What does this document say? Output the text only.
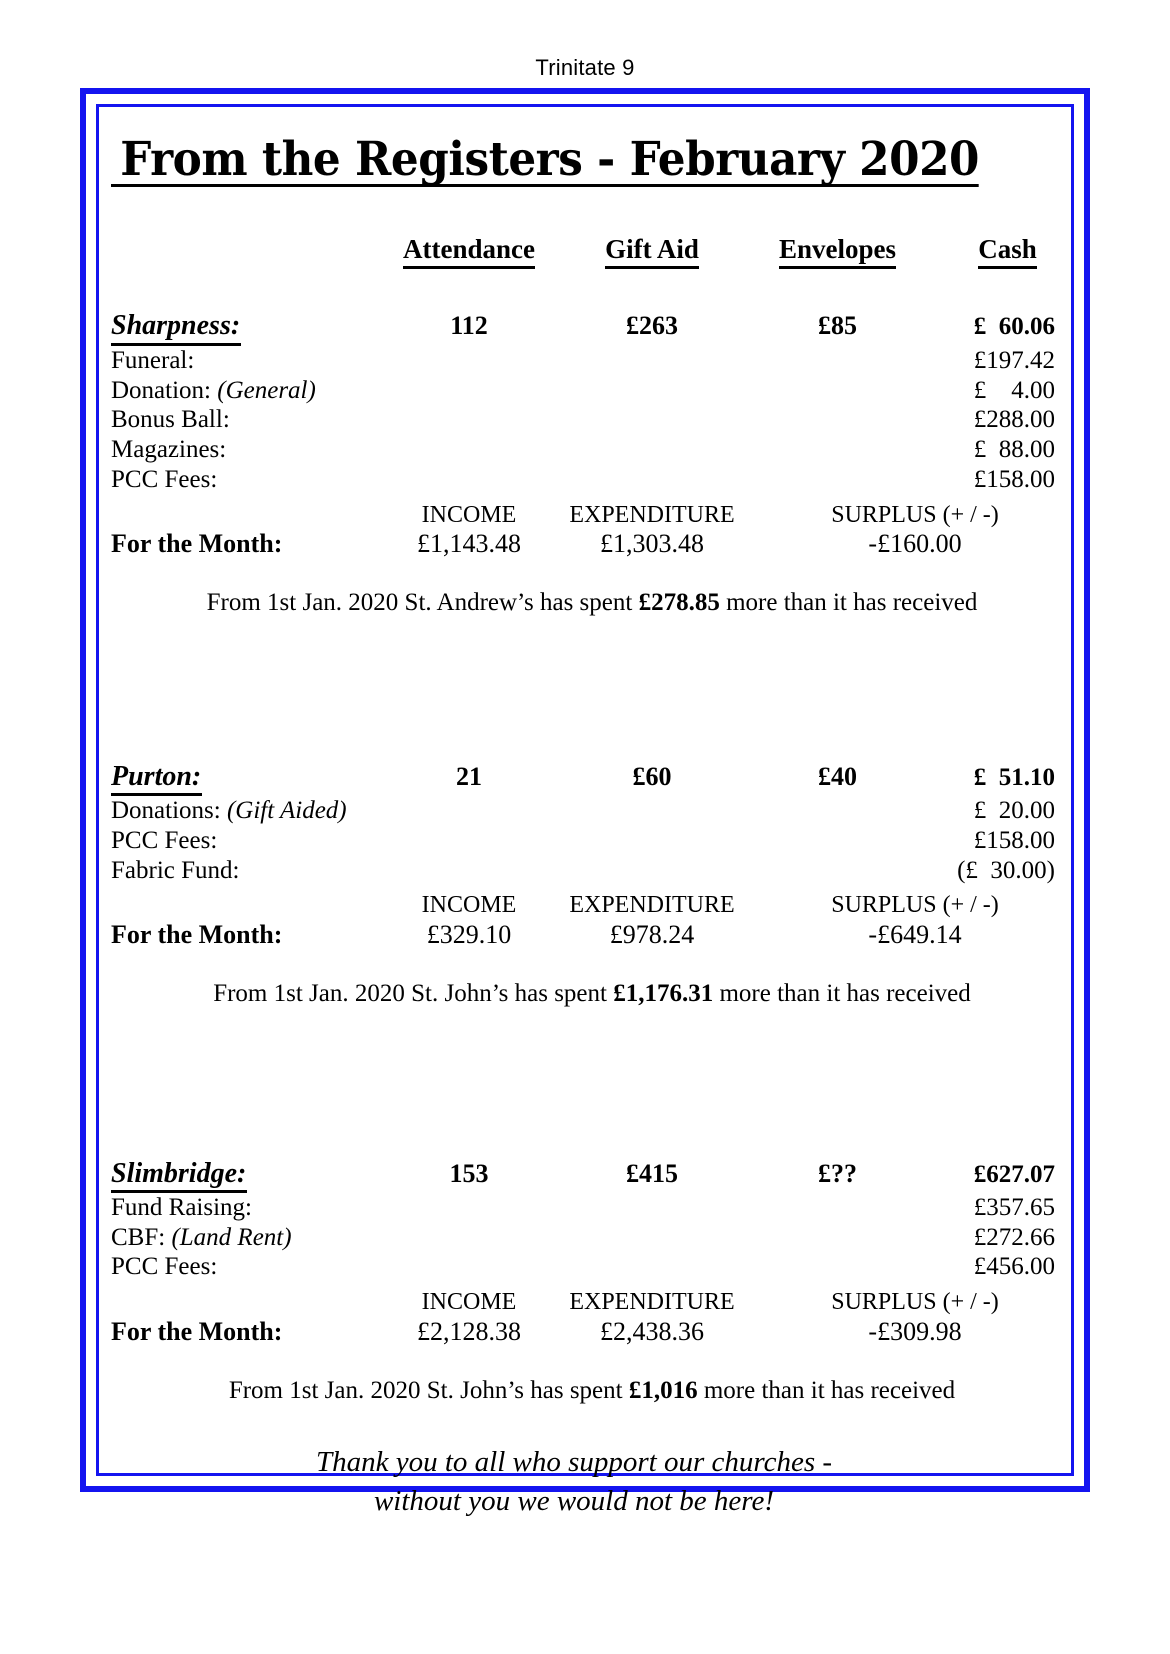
Trinitate 9
From the Registers - February 2020
	Attendance	Gift Aid	Envelopes	Cash
Sharpness:	112	£263	£85	£  60.06
Funeral:				£197.42
Donation: (General)				£    4.00
Bonus Ball:				£288.00
Magazines:				£  88.00
PCC Fees:				£158.00
	INCOME	EXPENDITURE	SURPLUS (+ / -)	
For the Month:	£1,143.48	£1,303.48	-£160.00	

From 1st Jan. 2020 St. Andrew’s has spent £278.85 more than it has received				

Purton:	21	£60	£40	£  51.10
Donations: (Gift Aided)				£  20.00
PCC Fees:				£158.00
Fabric Fund:				(£  30.00)
	INCOME	EXPENDITURE	SURPLUS (+ / -)	
For the Month:	£329.10	£978.24	-£649.14	

From 1st Jan. 2020 St. John’s has spent £1,176.31 more than it has received				

Slimbridge:	153	£415	£??	£627.07
Fund Raising:				£357.65
CBF: (Land Rent)				£272.66
PCC Fees:				£456.00
	INCOME	EXPENDITURE	SURPLUS (+ / -)	
For the Month:	£2,128.38	£2,438.36	-£309.98	

From 1st Jan. 2020 St. John’s has spent £1,016 more than it has received				
Thank you to all who support our churches -
without you we would not be here!
